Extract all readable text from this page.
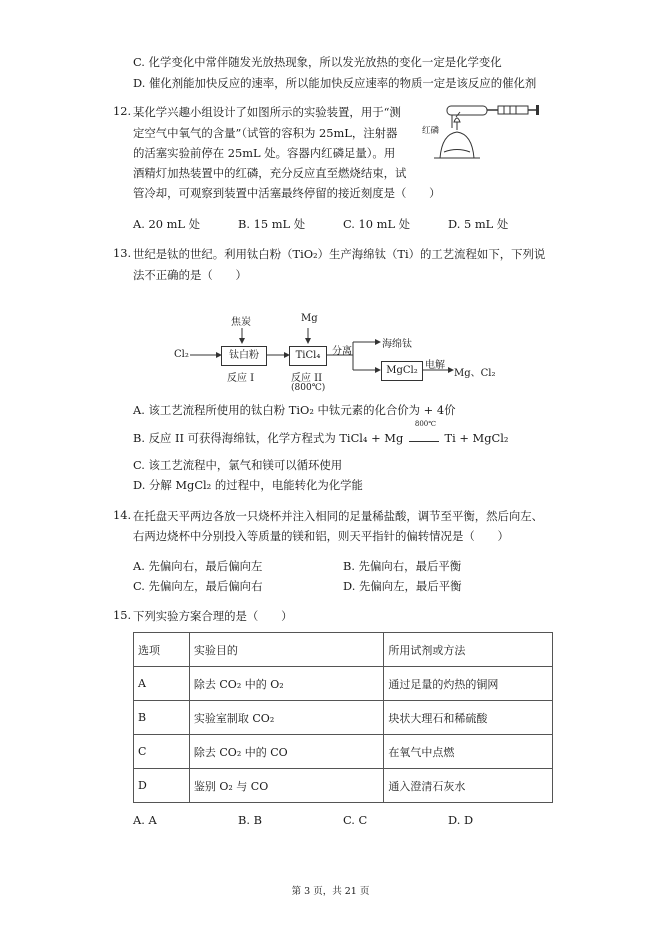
C. 化学变化中常伴随发光放热现象，所以发光放热的变化一定是化学变化
D. 催化剂能加快反应的速率，所以能加快反应速率的物质一定是该反应的催化剂
12. 某化学兴趣小组设计了如图所示的实验装置，用于“测
定空气中氧气的含量”（试管的容积为 25mL，注射器
的活塞实验前停在 25mL 处。容器内红磷足量）。用
酒精灯加热装置中的红磷，充分反应直至燃烧结束，试
管冷却，可观察到装置中活塞最终停留的接近刻度是（　　）
红磷
A. 20 mL 处	B. 15 mL 处	C. 10 mL 处	D. 5 mL 处
13. 世纪是钛的世纪。利用钛白粉（TiO₂）生产海绵钛（Ti）的工艺流程如下，下列说
法不正确的是（　　）
Cl₂
焦炭	Mg
钛白粉	TiCl₄
反应 I	反应 II
(800℃)
分离
海绵钛
MgCl₂ 电解
Mg、Cl₂
A. 该工艺流程所使用的钛白粉 TiO₂ 中钛元素的化合价为 + 4价
B. 反应 II 可获得海绵钛，化学方程式为 TiCl₄ + Mg
800℃
Ti + MgCl₂
C. 该工艺流程中，氯气和镁可以循环使用
D. 分解 MgCl₂ 的过程中，电能转化为化学能
14. 在托盘天平两边各放一只烧杯并注入相同的足量稀盐酸，调节至平衡，然后向左、
右两边烧杯中分别投入等质量的镁和铝，则天平指针的偏转情况是（　　）
A. 先偏向右，最后偏向左	B. 先偏向右，最后平衡
C. 先偏向左，最后偏向右	D. 先偏向左，最后平衡
15. 下列实验方案合理的是（　　）
选项	实验目的	所用试剂或方法
A	除去 CO₂ 中的 O₂	通过足量的灼热的铜网
B	实验室制取 CO₂	块状大理石和稀硫酸
C	除去 CO₂ 中的 CO	在氧气中点燃
D	鉴别 O₂ 与 CO	通入澄清石灰水
A. A	B. B	C. C	D. D
第 3 页，共 21 页
